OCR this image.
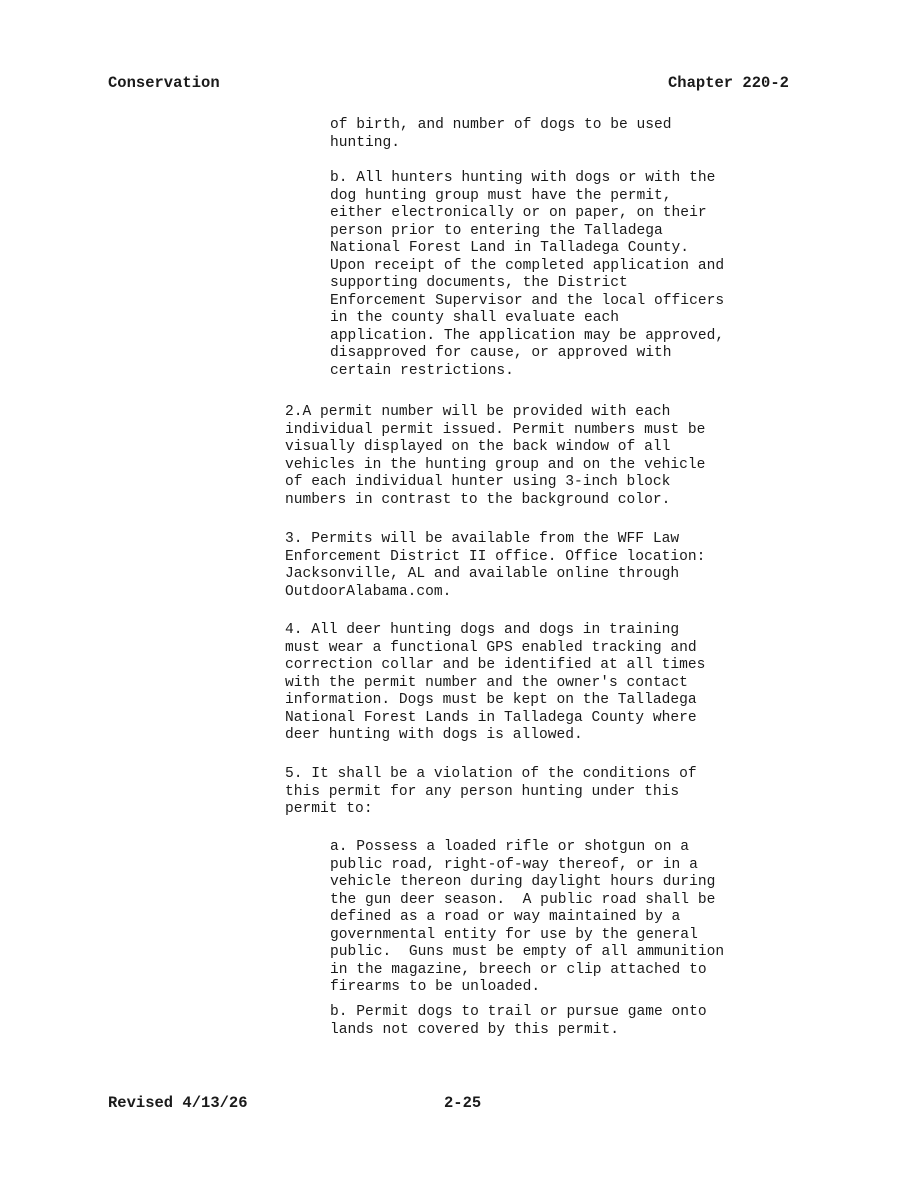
Conservation	Chapter 220-2

of birth, and number of dogs to be used
hunting.

b. All hunters hunting with dogs or with the
dog hunting group must have the permit,
either electronically or on paper, on their
person prior to entering the Talladega
National Forest Land in Talladega County.
Upon receipt of the completed application and
supporting documents, the District
Enforcement Supervisor and the local officers
in the county shall evaluate each
application. The application may be approved,
disapproved for cause, or approved with
certain restrictions.

2.A permit number will be provided with each
individual permit issued. Permit numbers must be
visually displayed on the back window of all
vehicles in the hunting group and on the vehicle
of each individual hunter using 3-inch block
numbers in contrast to the background color.

3. Permits will be available from the WFF Law
Enforcement District II office. Office location:
Jacksonville, AL and available online through
OutdoorAlabama.com.

4. All deer hunting dogs and dogs in training
must wear a functional GPS enabled tracking and
correction collar and be identified at all times
with the permit number and the owner's contact
information. Dogs must be kept on the Talladega
National Forest Lands in Talladega County where
deer hunting with dogs is allowed.

5. It shall be a violation of the conditions of
this permit for any person hunting under this
permit to:

a. Possess a loaded rifle or shotgun on a
public road, right-of-way thereof, or in a
vehicle thereon during daylight hours during
the gun deer season.  A public road shall be
defined as a road or way maintained by a
governmental entity for use by the general
public.  Guns must be empty of all ammunition
in the magazine, breech or clip attached to
firearms to be unloaded.

b. Permit dogs to trail or pursue game onto
lands not covered by this permit.

Revised 4/13/26	2-25
